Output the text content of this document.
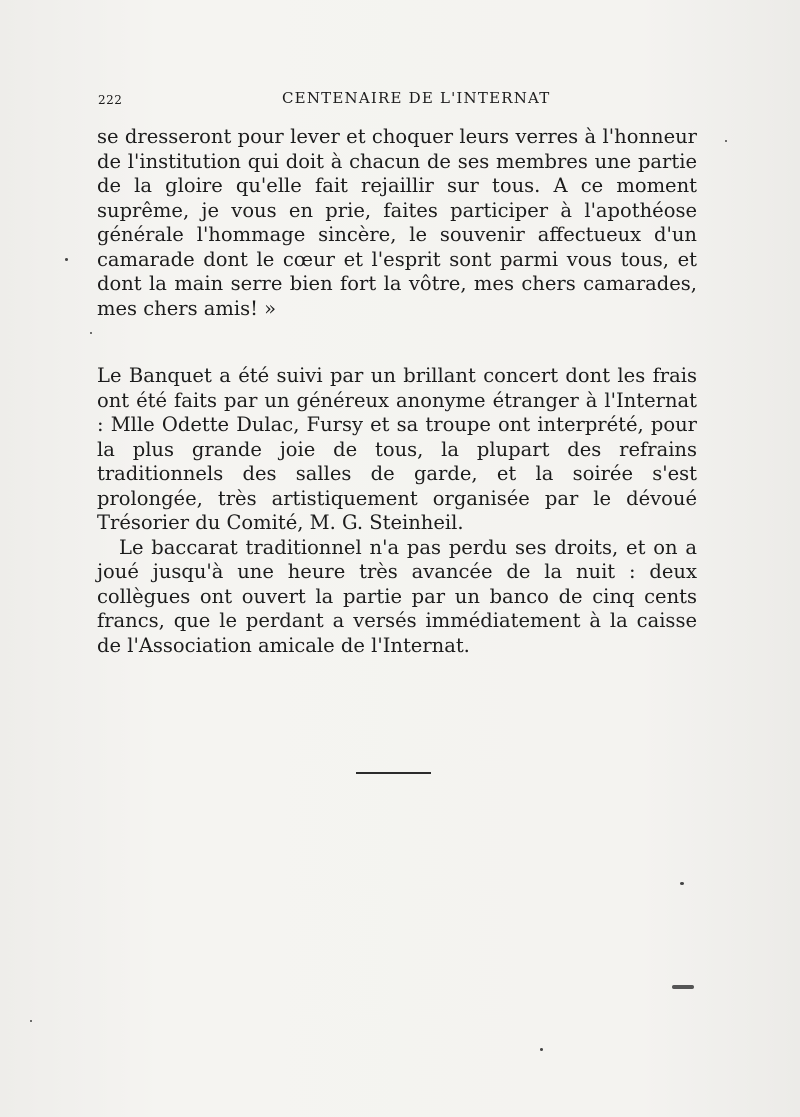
222	CENTENAIRE DE L'INTERNAT

se dresseront pour lever et choquer leurs verres à l'honneur de l'institution qui doit à chacun de ses membres une partie de la gloire qu'elle fait rejaillir sur tous. A ce moment suprême, je vous en prie, faites participer à l'apothéose générale l'hommage sincère, le souvenir affectueux d'un camarade dont le cœur et l'esprit sont parmi vous tous, et dont la main serre bien fort la vôtre, mes chers camarades, mes chers amis! »

Le Banquet a été suivi par un brillant concert dont les frais ont été faits par un généreux anonyme étranger à l'Internat : Mlle Odette Dulac, Fursy et sa troupe ont interprété, pour la plus grande joie de tous, la plupart des refrains traditionnels des salles de garde, et la soirée s'est prolongée, très artistiquement organisée par le dévoué Trésorier du Comité, M. G. Steinheil.

Le baccarat traditionnel n'a pas perdu ses droits, et on a joué jusqu'à une heure très avancée de la nuit : deux collègues ont ouvert la partie par un banco de cinq cents francs, que le perdant a versés immédiatement à la caisse de l'Association amicale de l'Internat.
